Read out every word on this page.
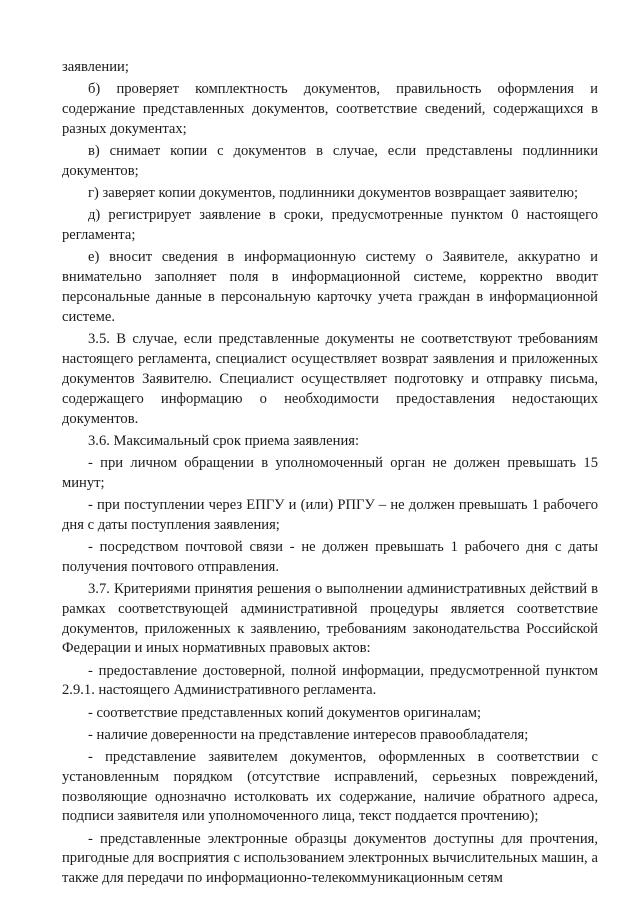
заявлении;

б) проверяет комплектность документов, правильность оформления и содержание представленных документов, соответствие сведений, содержащихся в разных документах;

в) снимает копии с документов в случае, если представлены подлинники документов;

г) заверяет копии документов, подлинники документов возвращает заявителю;

д) регистрирует заявление в сроки, предусмотренные пунктом 0 настоящего регламента;

е) вносит сведения в информационную систему о Заявителе, аккуратно и внимательно заполняет поля в информационной системе, корректно вводит персональные данные в персональную карточку учета граждан в информационной системе.

3.5. В случае, если представленные документы не соответствуют требованиям настоящего регламента, специалист осуществляет возврат заявления и приложенных документов Заявителю. Специалист осуществляет подготовку и отправку письма, содержащего информацию о необходимости предоставления недостающих документов.

3.6. Максимальный срок приема заявления:

- при личном обращении в уполномоченный орган не должен превышать 15 минут;

- при поступлении через ЕПГУ и (или) РПГУ – не должен превышать 1 рабочего дня с даты поступления заявления;

- посредством почтовой связи - не должен превышать 1 рабочего дня с даты получения почтового отправления.

3.7. Критериями принятия решения о выполнении административных действий в рамках соответствующей административной процедуры является соответствие документов, приложенных к заявлению, требованиям законодательства Российской Федерации и иных нормативных правовых актов:

- предоставление достоверной, полной информации, предусмотренной пунктом 2.9.1. настоящего Административного регламента.

- соответствие представленных копий документов оригиналам;

- наличие доверенности на представление интересов правообладателя;

- представление заявителем документов, оформленных в соответствии с установленным порядком (отсутствие исправлений, серьезных повреждений, позволяющие однозначно истолковать их содержание, наличие обратного адреса, подписи заявителя или уполномоченного лица, текст поддается прочтению);

- представленные электронные образцы документов доступны для прочтения, пригодные для восприятия с использованием электронных вычислительных машин, а также для передачи по информационно-телекоммуникационным сетям
